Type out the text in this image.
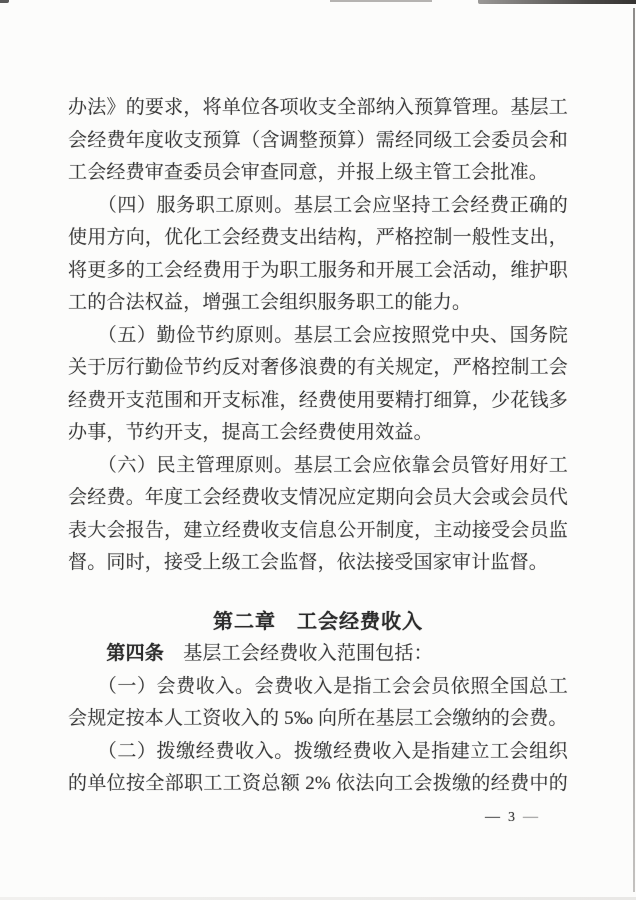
办法》的要求，将单位各项收支全部纳入预算管理。基层工
会经费年度收支预算（含调整预算）需经同级工会委员会和
工会经费审查委员会审查同意，并报上级主管工会批准。
　　（四）服务职工原则。基层工会应坚持工会经费正确的
使用方向，优化工会经费支出结构，严格控制一般性支出，
将更多的工会经费用于为职工服务和开展工会活动，维护职
工的合法权益，增强工会组织服务职工的能力。
　　（五）勤俭节约原则。基层工会应按照党中央、国务院
关于厉行勤俭节约反对奢侈浪费的有关规定，严格控制工会
经费开支范围和开支标准，经费使用要精打细算，少花钱多
办事，节约开支，提高工会经费使用效益。
　　（六）民主管理原则。基层工会应依靠会员管好用好工
会经费。年度工会经费收支情况应定期向会员大会或会员代
表大会报告，建立经费收支信息公开制度，主动接受会员监
督。同时，接受上级工会监督，依法接受国家审计监督。
第二章　工会经费收入
　　第四条　基层工会经费收入范围包括：
　　（一）会费收入。会费收入是指工会会员依照全国总工
会规定按本人工资收入的 5‰ 向所在基层工会缴纳的会费。
　　（二）拨缴经费收入。拨缴经费收入是指建立工会组织
的单位按全部职工工资总额 2% 依法向工会拨缴的经费中的
— 3 —
